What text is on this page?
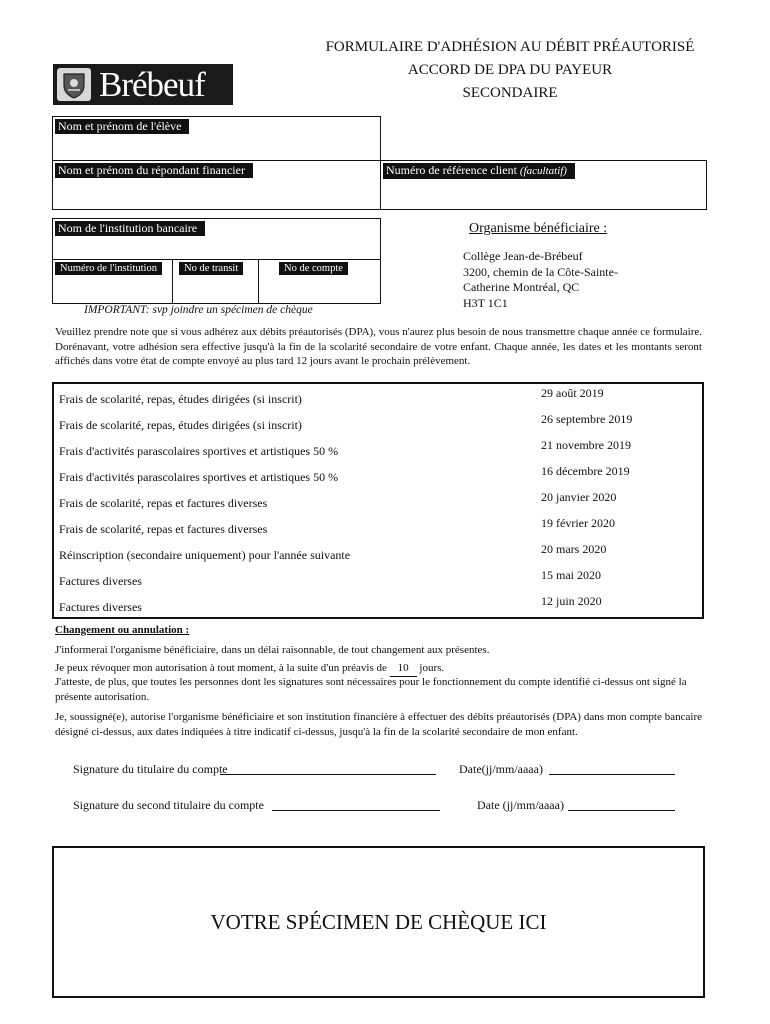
Brébeuf
FORMULAIRE D'ADHÉSION AU DÉBIT PRÉAUTORISÉ
ACCORD DE DPA DU PAYEUR
SECONDAIRE
Nom et prénom de l'élève
Nom et prénom du répondant financier	Numéro de référence client (facultatif)
Nom de l'institution bancaire
Numéro de l'institution	No de transit	No de compte
IMPORTANT: svp joindre un spécimen de chèque
Organisme bénéficiaire :
Collège Jean-de-Brébeuf
3200, chemin de la Côte-Sainte-
Catherine Montréal, QC
H3T 1C1
Veuillez prendre note que si vous adhérez aux débits préautorisés (DPA), vous n'aurez plus besoin de nous transmettre chaque année ce formulaire. Dorénavant, votre adhésion sera effective jusqu'à la fin de la scolarité secondaire de votre enfant. Chaque année, les dates et les montants seront affichés dans votre état de compte envoyé au plus tard 12 jours avant le prochain prélèvement.
Frais de scolarité, repas, études dirigées (si inscrit)	29 août 2019
Frais de scolarité, repas, études dirigées (si inscrit)	26 septembre 2019
Frais d'activités parascolaires sportives et artistiques 50 %	21 novembre 2019
Frais d'activités parascolaires sportives et artistiques 50 %	16 décembre 2019
Frais de scolarité, repas et factures diverses	20 janvier 2020
Frais de scolarité, repas et factures diverses	19 février 2020
Réinscription (secondaire uniquement) pour l'année suivante	20 mars 2020
Factures diverses	15 mai 2020
Factures diverses	12 juin 2020
Changement ou annulation :
J'informerai l'organisme bénéficiaire, dans un délai raisonnable, de tout changement aux présentes.
Je peux révoquer mon autorisation à tout moment, à la suite d'un préavis de 10 jours.
J'atteste, de plus, que toutes les personnes dont les signatures sont nécessaires pour le fonctionnement du compte identifié ci-dessus ont signé la présente autorisation.
Je, soussigné(e), autorise l'organisme bénéficiaire et son institution financière à effectuer des débits préautorisés (DPA) dans mon compte bancaire désigné ci-dessus, aux dates indiquées à titre indicatif ci-dessus, jusqu'à la fin de la scolarité secondaire de mon enfant.
Signature du titulaire du compte	Date(jj/mm/aaaa)
Signature du second titulaire du compte	Date (jj/mm/aaaa)
VOTRE SPÉCIMEN DE CHÈQUE ICI
